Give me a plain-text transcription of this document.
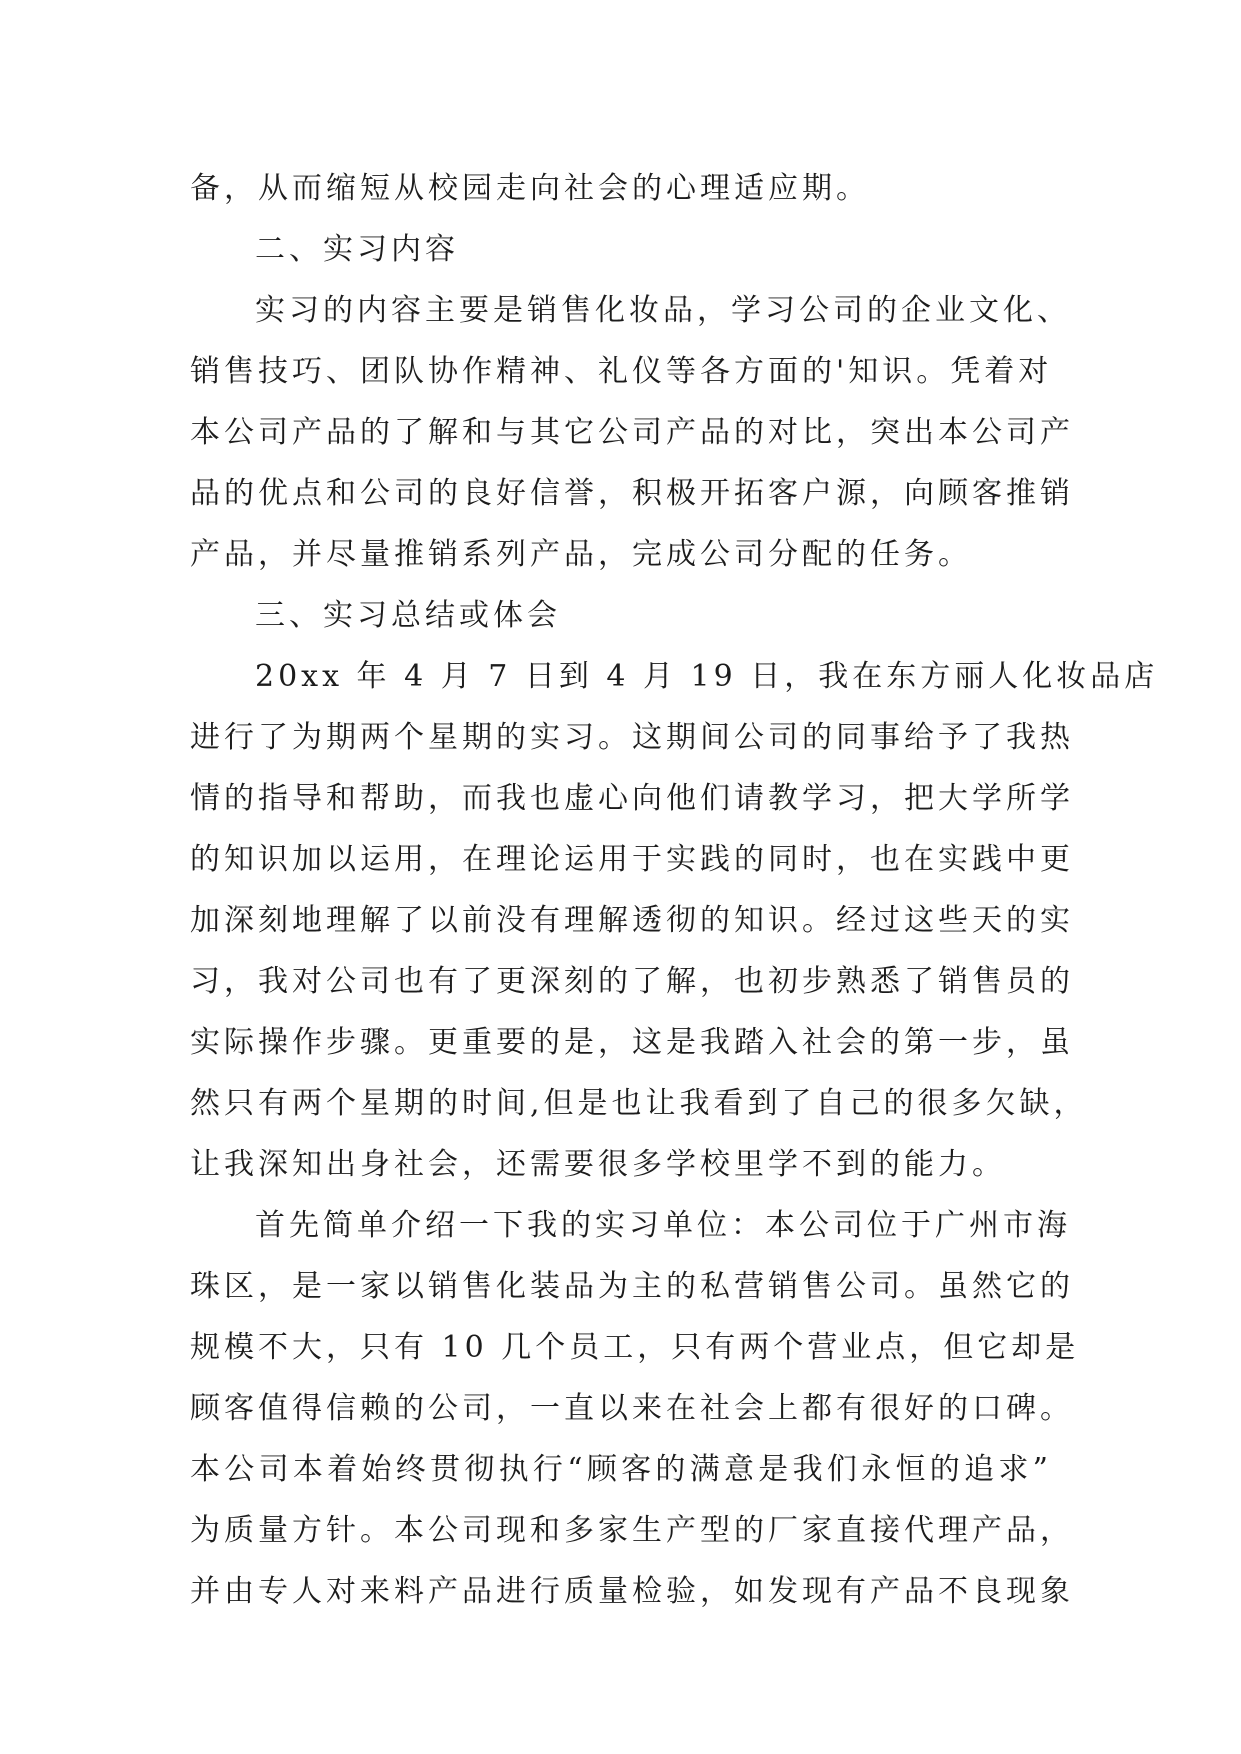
备，从而缩短从校园走向社会的心理适应期。
二、实习内容
实习的内容主要是销售化妆品，学习公司的企业文化、
销售技巧、团队协作精神、礼仪等各方面的'知识。凭着对
本公司产品的了解和与其它公司产品的对比，突出本公司产
品的优点和公司的良好信誉，积极开拓客户源，向顾客推销
产品，并尽量推销系列产品，完成公司分配的任务。
三、实习总结或体会
20xx 年 4 月 7 日到 4 月 19 日，我在东方丽人化妆品店
进行了为期两个星期的实习。这期间公司的同事给予了我热
情的指导和帮助，而我也虚心向他们请教学习，把大学所学
的知识加以运用，在理论运用于实践的同时，也在实践中更
加深刻地理解了以前没有理解透彻的知识。经过这些天的实
习，我对公司也有了更深刻的了解，也初步熟悉了销售员的
实际操作步骤。更重要的是，这是我踏入社会的第一步，虽
然只有两个星期的时间,但是也让我看到了自己的很多欠缺，
让我深知出身社会，还需要很多学校里学不到的能力。
首先简单介绍一下我的实习单位：本公司位于广州市海
珠区，是一家以销售化装品为主的私营销售公司。虽然它的
规模不大，只有 10 几个员工，只有两个营业点，但它却是
顾客值得信赖的公司，一直以来在社会上都有很好的口碑。
本公司本着始终贯彻执行“顾客的满意是我们永恒的追求”
为质量方针。本公司现和多家生产型的厂家直接代理产品，
并由专人对来料产品进行质量检验，如发现有产品不良现象
